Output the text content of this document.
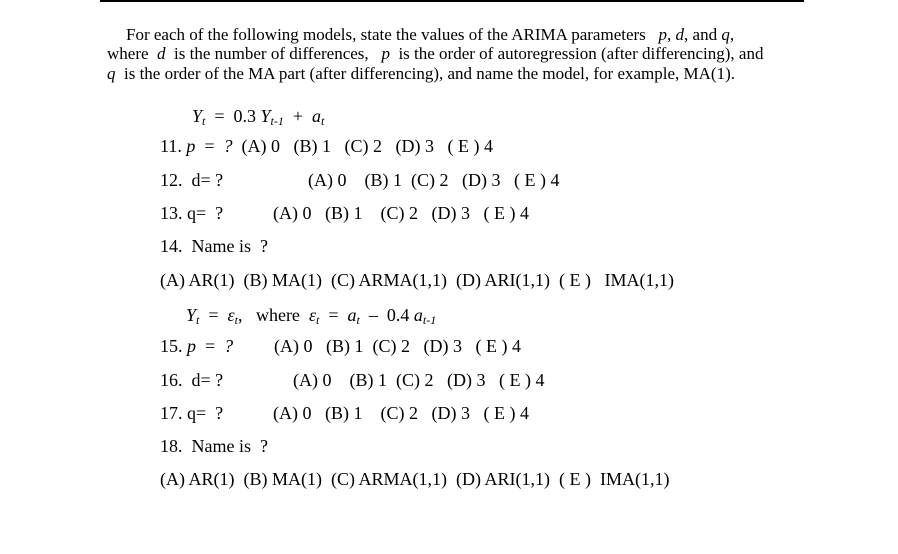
For each of the following models, state the values of the ARIMA parameters p, d, and q,
where d is the number of differences, p is the order of autoregression (after differencing), and
q is the order of the MA part (after differencing), and name the model, for example, MA(1).
$Y_t = 0.3$ $Y_{t-1} + a_t$
11. p = ? (A) 0 (B) 1 (C) 2 (D) 3 ( E ) 4
12. d= ?	(A) 0 (B) 1 (C) 2 (D) 3 ( E ) 4
13. q= ?	(A) 0 (B) 1 (C) 2 (D) 3 ( E ) 4
14. Name is ?
(A) AR(1) (B) MA(1) (C) ARMA(1,1) (D) ARI(1,1) ( E ) IMA(1,1)
$Y_t = \varepsilon_t$, where $\varepsilon_t = a_t - 0.4$ $a_{t-1}$
15. p = ?	(A) 0 (B) 1 (C) 2 (D) 3 ( E ) 4
16. d= ?	(A) 0 (B) 1 (C) 2 (D) 3 ( E ) 4
17. q= ?	(A) 0 (B) 1 (C) 2 (D) 3 ( E ) 4
18. Name is ?
(A) AR(1) (B) MA(1) (C) ARMA(1,1) (D) ARI(1,1) ( E ) IMA(1,1)
